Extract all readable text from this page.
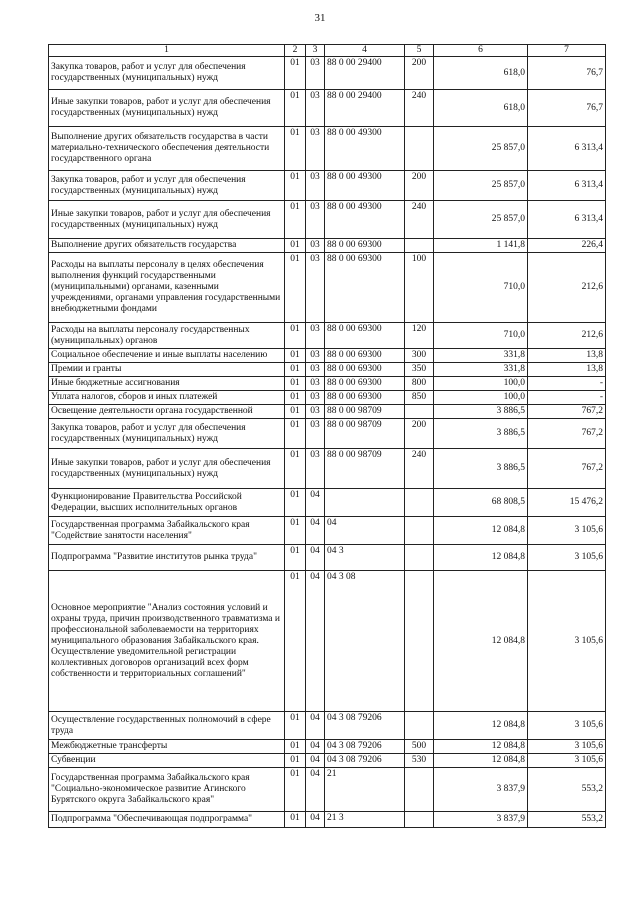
31
1	2	3	4	5	6	7
Закупка товаров, работ и услуг для обеспечения государственных (муниципальных) нужд	01	03	88 0 00 29400	200	618,0	76,7
Иные закупки товаров, работ и услуг для обеспечения государственных (муниципальных) нужд	01	03	88 0 00 29400	240	618,0	76,7
Выполнение других обязательств государства в части материально-технического обеспечения деятельности государственного органа	01	03	88 0 00 49300		25 857,0	6 313,4
Закупка товаров, работ и услуг для обеспечения государственных (муниципальных) нужд	01	03	88 0 00 49300	200	25 857,0	6 313,4
Иные закупки товаров, работ и услуг для обеспечения государственных (муниципальных) нужд	01	03	88 0 00 49300	240	25 857,0	6 313,4
Выполнение других обязательств государства	01	03	88 0 00 69300		1 141,8	226,4
Расходы на выплаты персоналу в целях обеспечения выполнения функций государственными (муниципальными) органами, казенными учреждениями, органами управления государственными внебюджетными фондами	01	03	88 0 00 69300	100	710,0	212,6
Расходы на выплаты персоналу государственных (муниципальных) органов	01	03	88 0 00 69300	120	710,0	212,6
Социальное обеспечение и иные выплаты населению	01	03	88 0 00 69300	300	331,8	13,8
Премии и гранты	01	03	88 0 00 69300	350	331,8	13,8
Иные бюджетные ассигнования	01	03	88 0 00 69300	800	100,0	-
Уплата налогов, сборов и иных платежей	01	03	88 0 00 69300	850	100,0	-
Освещение деятельности органа государственной	01	03	88 0 00 98709		3 886,5	767,2
Закупка товаров, работ и услуг для обеспечения государственных (муниципальных) нужд	01	03	88 0 00 98709	200	3 886,5	767,2
Иные закупки товаров, работ и услуг для обеспечения государственных (муниципальных) нужд	01	03	88 0 00 98709	240	3 886,5	767,2
Функционирование Правительства Российской Федерации, высших исполнительных органов	01	04			68 808,5	15 476,2
Государственная программа Забайкальского края "Содействие занятости населения"	01	04	04		12 084,8	3 105,6
Подпрограмма "Развитие институтов рынка труда"	01	04	04 3		12 084,8	3 105,6
Основное мероприятие "Анализ состояния условий и охраны труда, причин производственного травматизма и профессиональной заболеваемости на территориях муниципального образования Забайкальского края. Осуществление уведомительной регистрации коллективных договоров организаций всех форм собственности и территориальных соглашений"	01	04	04 3 08		12 084,8	3 105,6
Осуществление государственных полномочий в сфере труда	01	04	04 3 08 79206		12 084,8	3 105,6
Межбюджетные трансферты	01	04	04 3 08 79206	500	12 084,8	3 105,6
Субвенции	01	04	04 3 08 79206	530	12 084,8	3 105,6
Государственная программа Забайкальского края "Социально-экономическое развитие Агинского Бурятского округа Забайкальского края"	01	04	21		3 837,9	553,2
Подпрограмма "Обеспечивающая подпрограмма"	01	04	21 3		3 837,9	553,2
